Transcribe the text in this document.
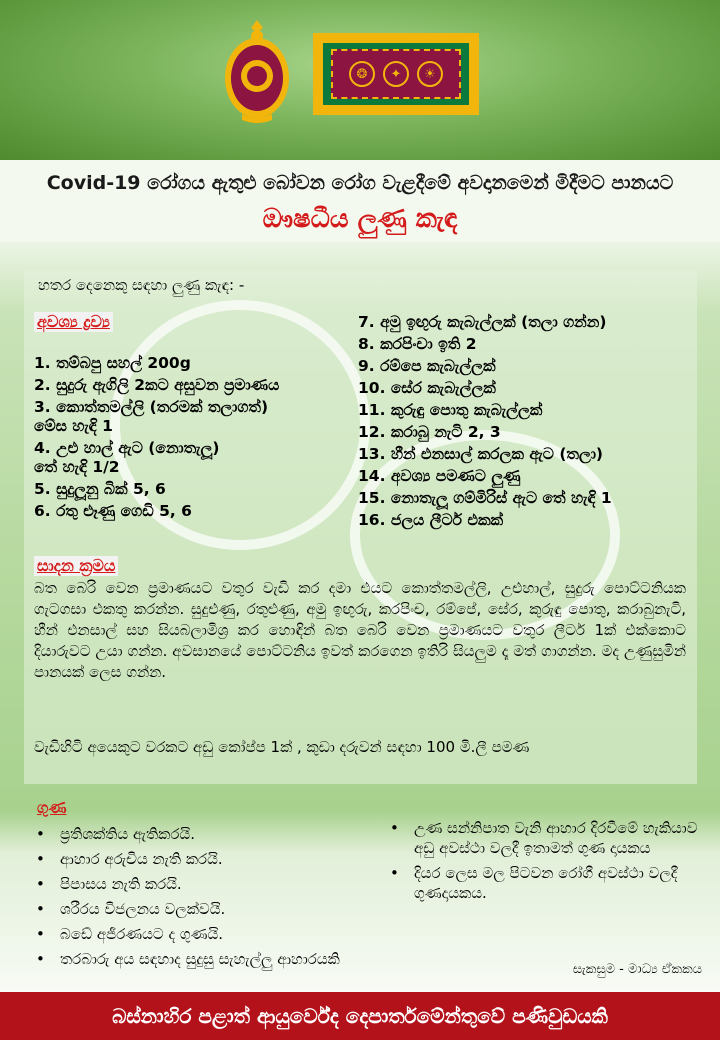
❂	✦	☀
Covid-19 රෝගය ඇතුළු බෝවන රෝග වැළදීමේ අවදානමෙන් මිදීමට පානයට
ඖෂධීය ලුණු කැඳ
හතර දෙනෙකු සඳහා ලුණු කැඳ: -
අවශ්‍ය ද්‍රව්‍ය
1. තම්බපු සහල් 200g
2. සුදුරු ඇගිලි 2කට අසුවන ප්‍රමාණය
3. කොත්තමල්ලි (තරමක් තලාගත්)
මේස හැඳි 1
4. උළු හාල් ඇට (නොතැලූ)
තේ හැඳි 1/2
5. සුදුලූනු බික් 5, 6
6. රතු ළූණු ගෙඩි 5, 6
7. අමු ඉඟුරු කැබැල්ලක් (තලා ගන්න)
8. කරපිංචා ඉති 2
9. රම්පෙ කැබැල්ලක්
10. සේර කැබැල්ලක්
11. කුරුඳු පොතු කැබැල්ලක්
12. කරාබු නැටි 2, 3
13. හීන් එනසාල් කරලක ඇට (තලා)
14. අවශ්‍ය පමණට ලුණු
15. නොතැලූ ගම්මිරිස් ඇට තේ හැඳි 1
16. ජලය ලීටර් එකක්
සාදන ක්‍රමය
බත බෙරි වෙන ප්‍රමාණයට වතුර වැඩි කර දමා එයට කොත්තමල්ලි, උළුහාල්, සුදුරු පොට්ටනියක ගැටගසා එකතු කරන්න. සුදුළුණු, රතුළුණු, අමු ඉඟුරු, කරපිංච, රම්පේ, සේර, කුරුඳු පොතු, කරාබුනැටි, හීන් එනසාල් සහ සියබලාමිශ්‍ර කර හොඳින් බත බෙරි වෙන ප්‍රමාණයට වතුර ලීටර් 1ක් එක්කොට දියාරුවට උයා ගන්න. අවසානයේ පොට්ටනිය ඉවත් කරගෙන ඉතිරි සියලුම දෑ මත් ගාගන්න. මද උණුසුමින් පානයක් ලෙස ගන්න.
වැඩිහිටි අයෙකුට වරකට අඩු කෝප්ප 1ක් , කුඩා දරුවන් සඳහා 100 මි.ලී පමණ
ගුණ
• ප්‍රතිශක්තිය ඇතිකරයි.
• ආහාර අරුචිය නැති කරයි.
• පිපාසය නැති කරයි.
• ශරීරය විජලනය වලක්වයි.
• බඩේ අජීරණයට ද ගුණයි.
• තරබාරු අය සඳහාද සුදුසු සැහැල්ලු ආහාරයකි
• උණ සන්නිපාත වැනි ආහාර දිරවීමේ හැකියාව අඩු අවස්ථා වලදී ඉතාමත් ගුණ දායකය
• දියර ලෙස මල පිටවන රෝගී අවස්ථා වලදී ගුණදායකය.
සැකසුම - මාධ්‍ය ඒකකය
බස්නාහිර පළාත් ආයුර්වේද දෙපාර්තමේන්තුවේ පණිවුඩයකි
